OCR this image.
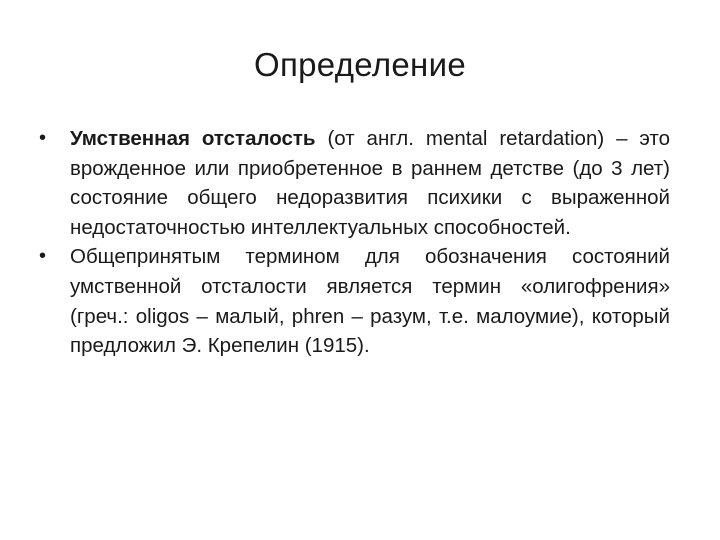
Определение
• Умственная отсталость (от англ. mental retardation) – это врожденное или приобретенное в раннем детстве (до 3 лет) состояние общего недоразвития психики с выраженной недостаточностью интеллектуальных способностей.
• Общепринятым термином для обозначения состояний умственной отсталости является термин «олигофрения» (греч.: oligos – малый, phren – разум, т.е. малоумие), который предложил Э. Крепелин (1915).
